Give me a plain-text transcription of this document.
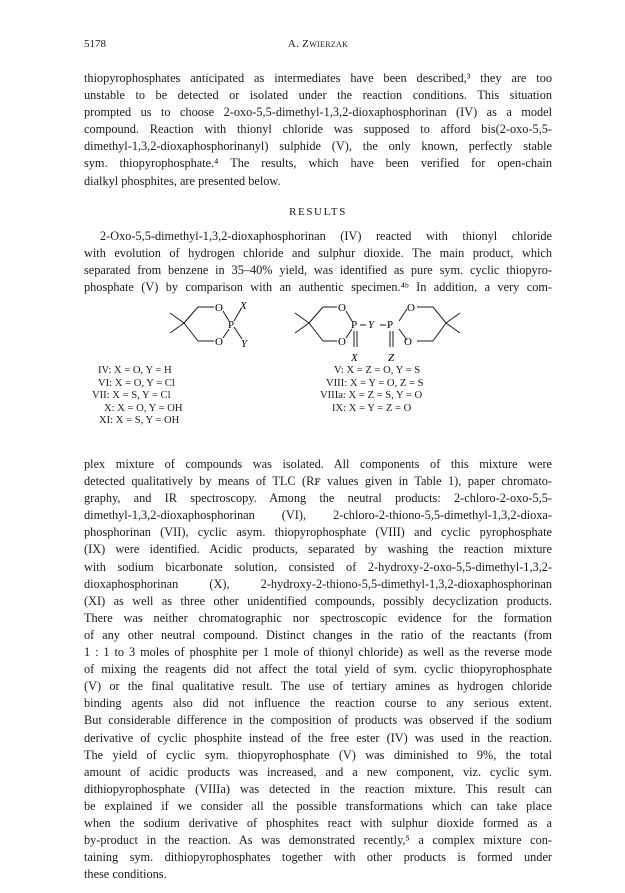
5178	A. Zwierzak
thiopyrophosphates anticipated as intermediates have been described,³ they are too
unstable to be detected or isolated under the reaction conditions. This situation
prompted us to choose 2-oxo-5,5-dimethyl-1,3,2-dioxaphosphorinan (IV) as a model
compound. Reaction with thionyl chloride was supposed to afford bis(2-oxo-5,5-
dimethyl-1,3,2-dioxaphosphorinanyl) sulphide (V), the only known, perfectly stable
sym. thiopyrophosphate.⁴ The results, which have been verified for open-chain
dialkyl phosphites, are presented below.
RESULTS
2-Oxo-5,5-dimethyl-1,3,2-dioxaphosphorinan (IV) reacted with thionyl chloride
with evolution of hydrogen chloride and sulphur dioxide. The main product, which
separated from benzene in 35–40% yield, was identified as pure sym. cyclic thiopyro-
phosphate (V) by comparison with an authentic specimen.⁴ᵇ In addition, a very com-
O
O
P
X
Y
O
O
P Y P
O
O
X	Z
IV: X = O, Y = H
VI: X = O, Y = Cl
VII: X = S, Y = Cl
X: X = O, Y = OH
XI: X = S, Y = OH
V: X = Z = O, Y = S
VIII: X = Y = O, Z = S
VIIIa: X = Z = S, Y = O
IX: X = Y = Z = O
plex mixture of compounds was isolated. All components of this mixture were
detected qualitatively by means of TLC (Rꜰ values given in Table 1), paper chromato-
graphy, and IR spectroscopy. Among the neutral products: 2-chloro-2-oxo-5,5-
dimethyl-1,3,2-dioxaphosphorinan (VI), 2-chloro-2-thiono-5,5-dimethyl-1,3,2-dioxa-
phosphorinan (VII), cyclic asym. thiopyrophosphate (VIII) and cyclic pyrophosphate
(IX) were identified. Acidic products, separated by washing the reaction mixture
with sodium bicarbonate solution, consisted of 2-hydroxy-2-oxo-5,5-dimethyl-1,3,2-
dioxaphosphorinan (X), 2-hydroxy-2-thiono-5,5-dimethyl-1,3,2-dioxaphosphorinan
(XI) as well as three other unidentified compounds, possibly decyclization products.
There was neither chromatographic nor spectroscopic evidence for the formation
of any other neutral compound. Distinct changes in the ratio of the reactants (from
1 : 1 to 3 moles of phosphite per 1 mole of thionyl chloride) as well as the reverse mode
of mixing the reagents did not affect the total yield of sym. cyclic thiopyrophosphate
(V) or the final qualitative result. The use of tertiary amines as hydrogen chloride
binding agents also did not influence the reaction course to any serious extent.
But considerable difference in the composition of products was observed if the sodium
derivative of cyclic phosphite instead of the free ester (IV) was used in the reaction.
The yield of cyclic sym. thiopyrophosphate (V) was diminished to 9%, the total
amount of acidic products was increased, and a new component, viz. cyclic sym.
dithiopyrophosphate (VIIIa) was detected in the reaction mixture. This result can
be explained if we consider all the possible transformations which can take place
when the sodium derivative of phosphites react with sulphur dioxide formed as a
by-product in the reaction. As was demonstrated recently,⁵ a complex mixture con-
taining sym. dithiopyrophosphates together with other products is formed under
these conditions.
